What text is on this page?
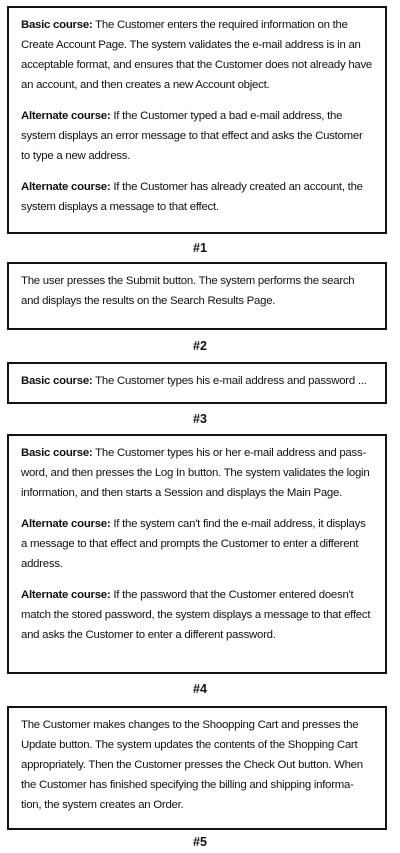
Basic course: The Customer enters the required information on the Create Account Page. The system validates the e-mail address is in an acceptable format, and ensures that the Customer does not already have an account, and then creates a new Account object.

Alternate course: If the Customer typed a bad e-mail address, the system displays an error message to that effect and asks the Customer to type a new address.

Alternate course: If the Customer has already created an account, the system displays a message to that effect.

#1

The user presses the Submit button. The system performs the search and displays the results on the Search Results Page.

#2

Basic course: The Customer types his e-mail address and password ...

#3

Basic course: The Customer types his or her e-mail address and pass-word, and then presses the Log In button. The system validates the login information, and then starts a Session and displays the Main Page.

Alternate course: If the system can't find the e-mail address, it displays a message to that effect and prompts the Customer to enter a different address.

Alternate course: If the password that the Customer entered doesn't match the stored password, the system displays a message to that effect and asks the Customer to enter a different password.

#4

The Customer makes changes to the Shoopping Cart and presses the Update button. The system updates the contents of the Shopping Cart appropriately. Then the Customer presses the Check Out button. When the Customer has finished specifying the billing and shipping informa-tion, the system creates an Order.

#5
